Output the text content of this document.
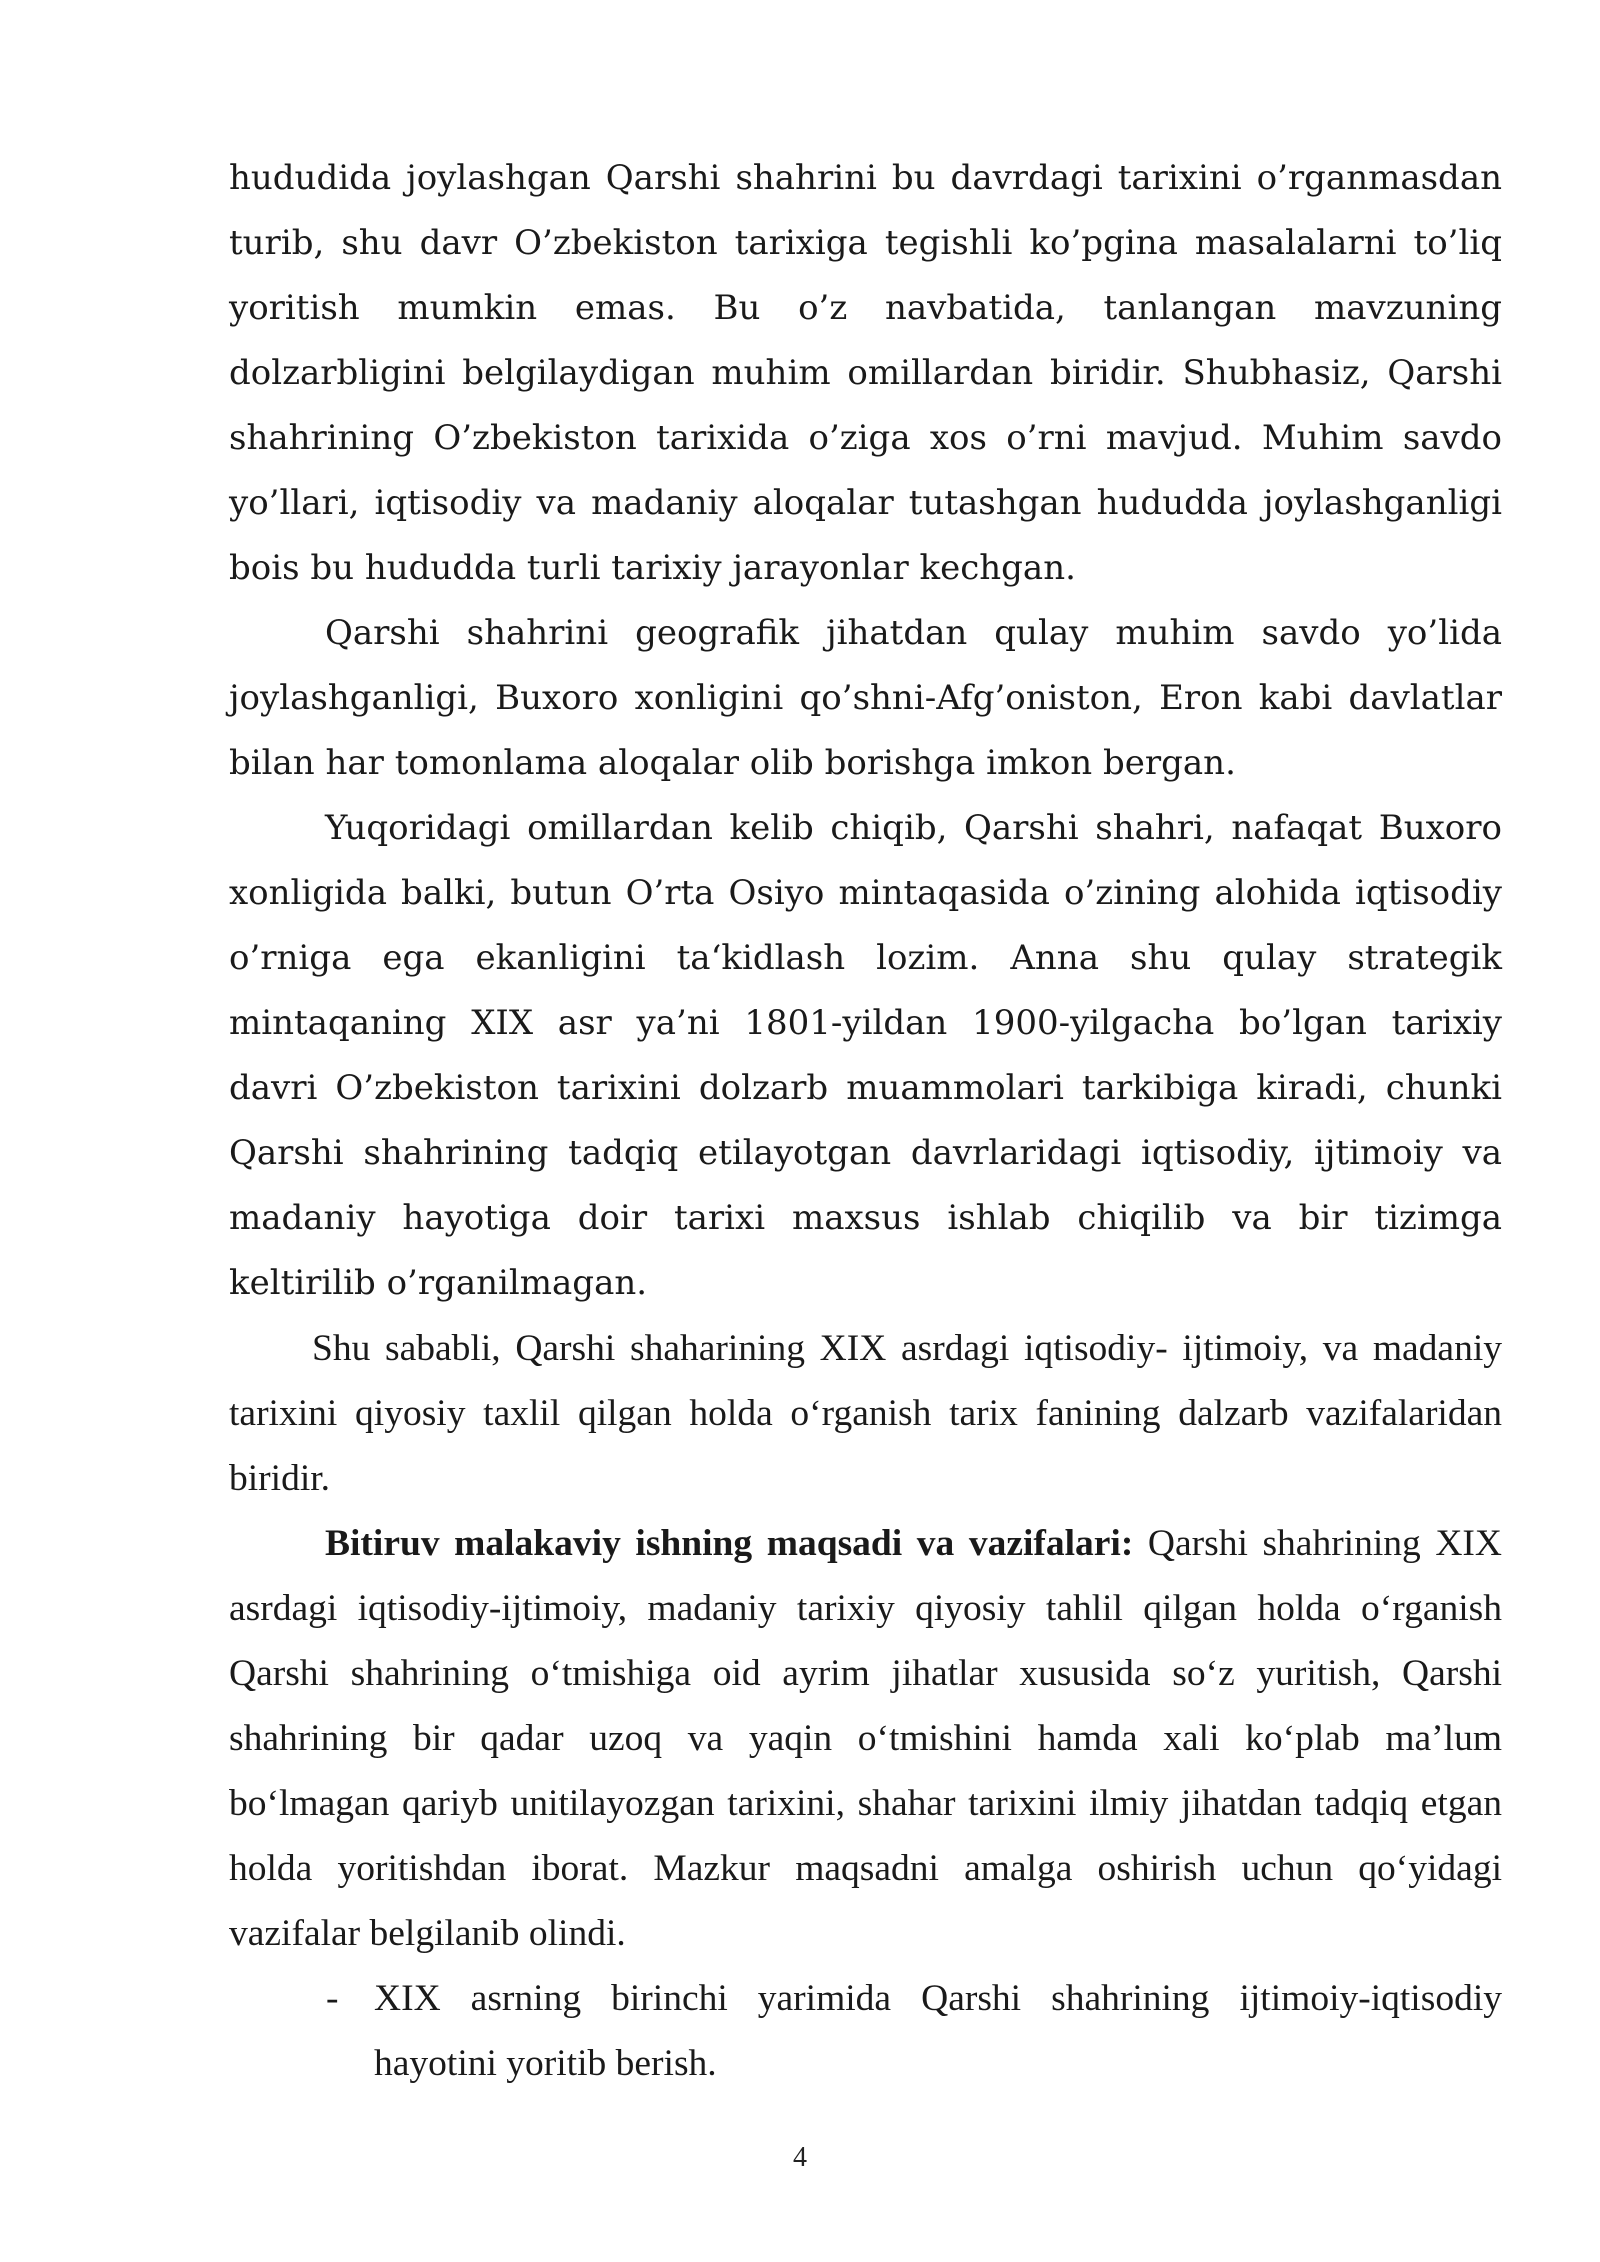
hududida joylashgan Qarshi shahrini bu davrdagi tarixini o’rganmasdan turib, shu davr O’zbekiston tarixiga tegishli ko’pgina masalalarni to’liq yoritish mumkin emas. Bu o’z navbatida, tanlangan mavzuning dolzarbligini belgilaydigan muhim omillardan biridir. Shubhasiz, Qarshi shahrining O’zbekiston tarixida o’ziga xos o’rni mavjud. Muhim savdo yo’llari, iqtisodiy va madaniy aloqalar tutashgan hududda joylashganligi bois bu hududda turli tarixiy jarayonlar kechgan.

Qarshi shahrini geografik jihatdan qulay muhim savdo yo’lida joylashganligi, Buxoro xonligini qo’shni-Afg’oniston, Eron kabi davlatlar bilan har tomonlama aloqalar olib borishga imkon bergan.

Yuqoridagi omillardan kelib chiqib, Qarshi shahri, nafaqat Buxoro xonligida balki, butun O’rta Osiyo mintaqasida o’zining alohida iqtisodiy o’rniga ega ekanligini ta‘kidlash lozim. Anna shu qulay strategik mintaqaning XIX asr ya’ni 1801-yildan 1900-yilgacha bo’lgan tarixiy davri O’zbekiston tarixini dolzarb muammolari tarkibiga kiradi, chunki Qarshi shahrining tadqiq etilayotgan davrlaridagi iqtisodiy, ijtimoiy va madaniy hayotiga doir tarixi maxsus ishlab chiqilib va bir tizimga keltirilib o’rganilmagan.

Shu sababli, Qarshi shaharining XIX asrdagi iqtisodiy- ijtimoiy, va madaniy tarixini qiyosiy taxlil qilgan holda o‘rganish tarix fanining dalzarb vazifalaridan biridir.

Bitiruv malakaviy ishning maqsadi va vazifalari: Qarshi shahrining XIX asrdagi iqtisodiy-ijtimoiy, madaniy tarixiy qiyosiy tahlil qilgan holda o‘rganish Qarshi shahrining o‘tmishiga oid ayrim jihatlar xususida so‘z yuritish, Qarshi shahrining bir qadar uzoq va yaqin o‘tmishini hamda xali ko‘plab ma’lum bo‘lmagan qariyb unitilayozgan tarixini, shahar tarixini ilmiy jihatdan tadqiq etgan holda yoritishdan iborat. Mazkur maqsadni amalga oshirish uchun qo‘yidagi vazifalar belgilanib olindi.

- XIX asrning birinchi yarimida Qarshi shahrining ijtimoiy-iqtisodiy hayotini yoritib berish.

4
